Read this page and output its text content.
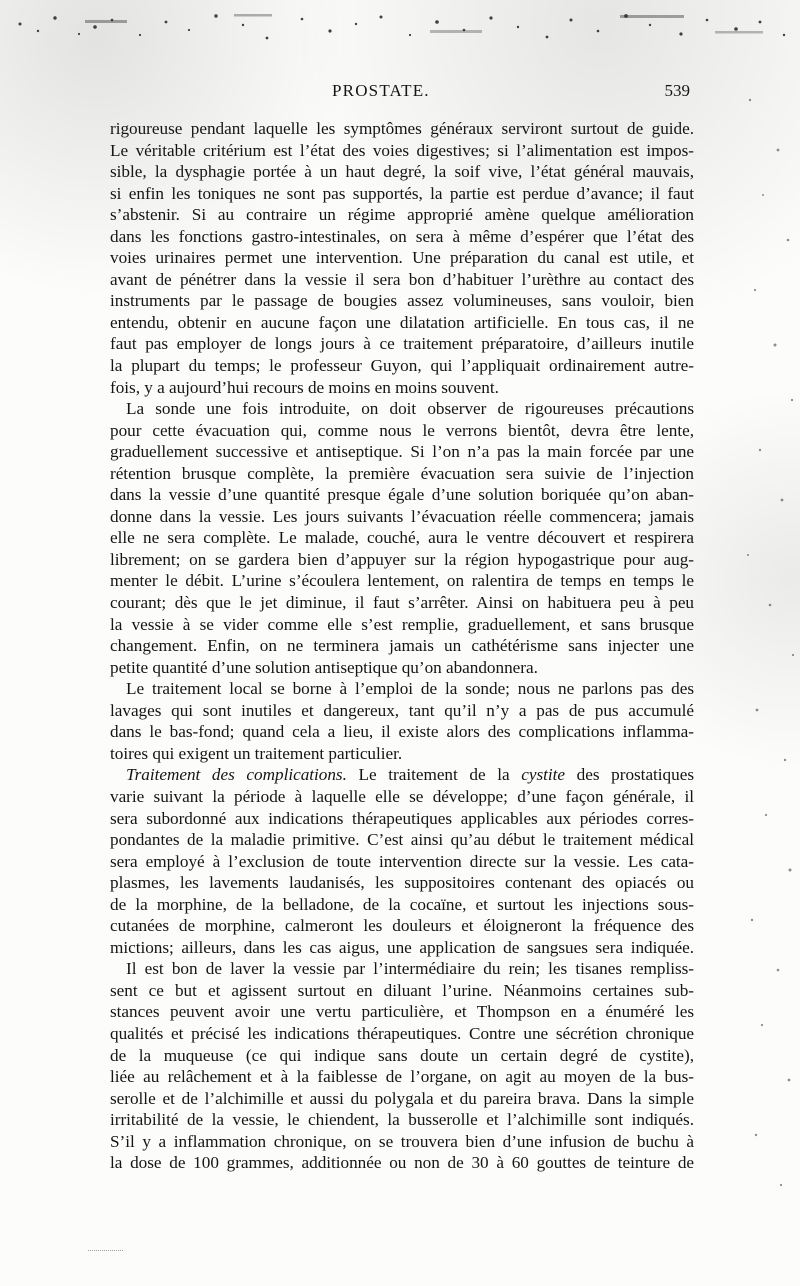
PROSTATE.	539
rigoureuse pendant laquelle les symptômes généraux serviront surtout de guide.
Le véritable critérium est l’état des voies digestives; si l’alimentation est impos-
sible, la dysphagie portée à un haut degré, la soif vive, l’état général mauvais,
si enfin les toniques ne sont pas supportés, la partie est perdue d’avance; il faut
s’abstenir. Si au contraire un régime approprié amène quelque amélioration
dans les fonctions gastro-intestinales, on sera à même d’espérer que l’état des
voies urinaires permet une intervention. Une préparation du canal est utile, et
avant de pénétrer dans la vessie il sera bon d’habituer l’urèthre au contact des
instruments par le passage de bougies assez volumineuses, sans vouloir, bien
entendu, obtenir en aucune façon une dilatation artificielle. En tous cas, il ne
faut pas employer de longs jours à ce traitement préparatoire, d’ailleurs inutile
la plupart du temps; le professeur Guyon, qui l’appliquait ordinairement autre-
fois, y a aujourd’hui recours de moins en moins souvent.
La sonde une fois introduite, on doit observer de rigoureuses précautions
pour cette évacuation qui, comme nous le verrons bientôt, devra être lente,
graduellement successive et antiseptique. Si l’on n’a pas la main forcée par une
rétention brusque complète, la première évacuation sera suivie de l’injection
dans la vessie d’une quantité presque égale d’une solution boriquée qu’on aban-
donne dans la vessie. Les jours suivants l’évacuation réelle commencera; jamais
elle ne sera complète. Le malade, couché, aura le ventre découvert et respirera
librement; on se gardera bien d’appuyer sur la région hypogastrique pour aug-
menter le débit. L’urine s’écoulera lentement, on ralentira de temps en temps le
courant; dès que le jet diminue, il faut s’arrêter. Ainsi on habituera peu à peu
la vessie à se vider comme elle s’est remplie, graduellement, et sans brusque
changement. Enfin, on ne terminera jamais un cathétérisme sans injecter une
petite quantité d’une solution antiseptique qu’on abandonnera.
Le traitement local se borne à l’emploi de la sonde; nous ne parlons pas des
lavages qui sont inutiles et dangereux, tant qu’il n’y a pas de pus accumulé
dans le bas-fond; quand cela a lieu, il existe alors des complications inflamma-
toires qui exigent un traitement particulier.
Traitement des complications. Le traitement de la cystite des prostatiques
varie suivant la période à laquelle elle se développe; d’une façon générale, il
sera subordonné aux indications thérapeutiques applicables aux périodes corres-
pondantes de la maladie primitive. C’est ainsi qu’au début le traitement médical
sera employé à l’exclusion de toute intervention directe sur la vessie. Les cata-
plasmes, les lavements laudanisés, les suppositoires contenant des opiacés ou
de la morphine, de la belladone, de la cocaïne, et surtout les injections sous-
cutanées de morphine, calmeront les douleurs et éloigneront la fréquence des
mictions; ailleurs, dans les cas aigus, une application de sangsues sera indiquée.
Il est bon de laver la vessie par l’intermédiaire du rein; les tisanes rempliss-
sent ce but et agissent surtout en diluant l’urine. Néanmoins certaines sub-
stances peuvent avoir une vertu particulière, et Thompson en a énuméré les
qualités et précisé les indications thérapeutiques. Contre une sécrétion chronique
de la muqueuse (ce qui indique sans doute un certain degré de cystite),
liée au relâchement et à la faiblesse de l’organe, on agit au moyen de la bus-
serolle et de l’alchimille et aussi du polygala et du pareira brava. Dans la simple
irritabilité de la vessie, le chiendent, la busserolle et l’alchimille sont indiqués.
S’il y a inflammation chronique, on se trouvera bien d’une infusion de buchu à
la dose de 100 grammes, additionnée ou non de 30 à 60 gouttes de teinture de
